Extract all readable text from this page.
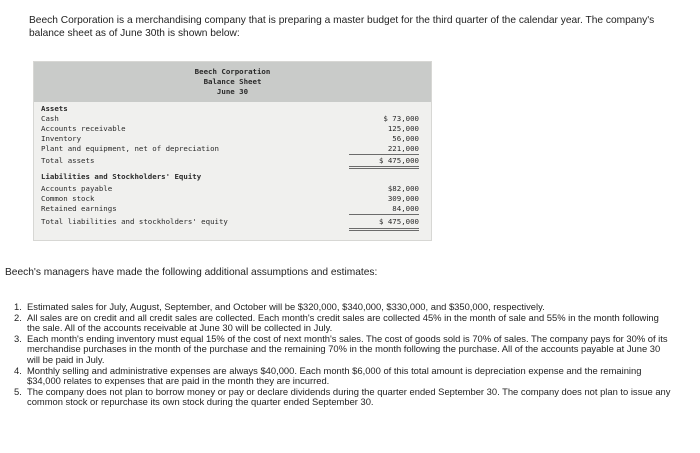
Beech Corporation is a merchandising company that is preparing a master budget for the third quarter of the calendar year. The company's balance sheet as of June 30th is shown below:

Beech Corporation
Balance Sheet
June 30
Assets
Cash	$ 73,000
Accounts receivable	125,000
Inventory	56,000
Plant and equipment, net of depreciation	221,000
Total assets	$ 475,000
Liabilities and Stockholders' Equity
Accounts payable	$82,000
Common stock	309,000
Retained earnings	84,000
Total liabilities and stockholders' equity	$ 475,000

Beech's managers have made the following additional assumptions and estimates:

1. Estimated sales for July, August, September, and October will be $320,000, $340,000, $330,000, and $350,000, respectively.
2. All sales are on credit and all credit sales are collected. Each month's credit sales are collected 45% in the month of sale and 55% in the month following the sale. All of the accounts receivable at June 30 will be collected in July.
3. Each month's ending inventory must equal 15% of the cost of next month's sales. The cost of goods sold is 70% of sales. The company pays for 30% of its merchandise purchases in the month of the purchase and the remaining 70% in the month following the purchase. All of the accounts payable at June 30 will be paid in July.
4. Monthly selling and administrative expenses are always $40,000. Each month $6,000 of this total amount is depreciation expense and the remaining $34,000 relates to expenses that are paid in the month they are incurred.
5. The company does not plan to borrow money or pay or declare dividends during the quarter ended September 30. The company does not plan to issue any common stock or repurchase its own stock during the quarter ended September 30.
